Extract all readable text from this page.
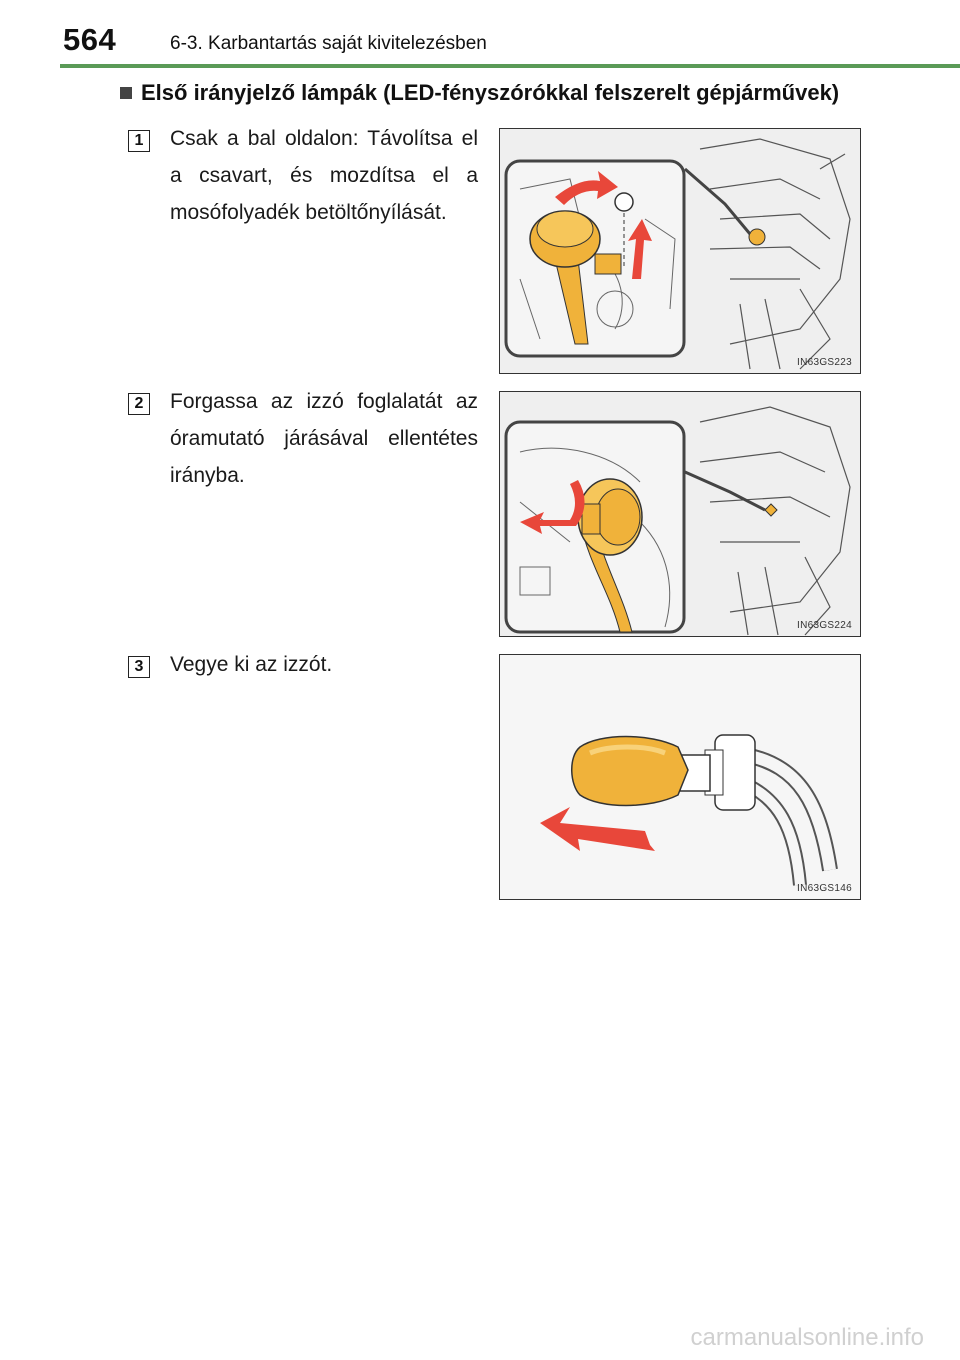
564	6-3. Karbantartás saját kivitelezésben
Első irányjelző lámpák (LED-fényszórókkal felszerelt gépjárművek)
1	Csak a bal oldalon: Távolítsa el a csavart, és mozdítsa el a mosófolyadék betöltőnyílását.
IN63GS223
2	Forgassa az izzó foglalatát az óramutató járásával ellentétes irányba.
IN63GS224
3	Vegye ki az izzót.
IN63GS146
carmanualsonline.info
